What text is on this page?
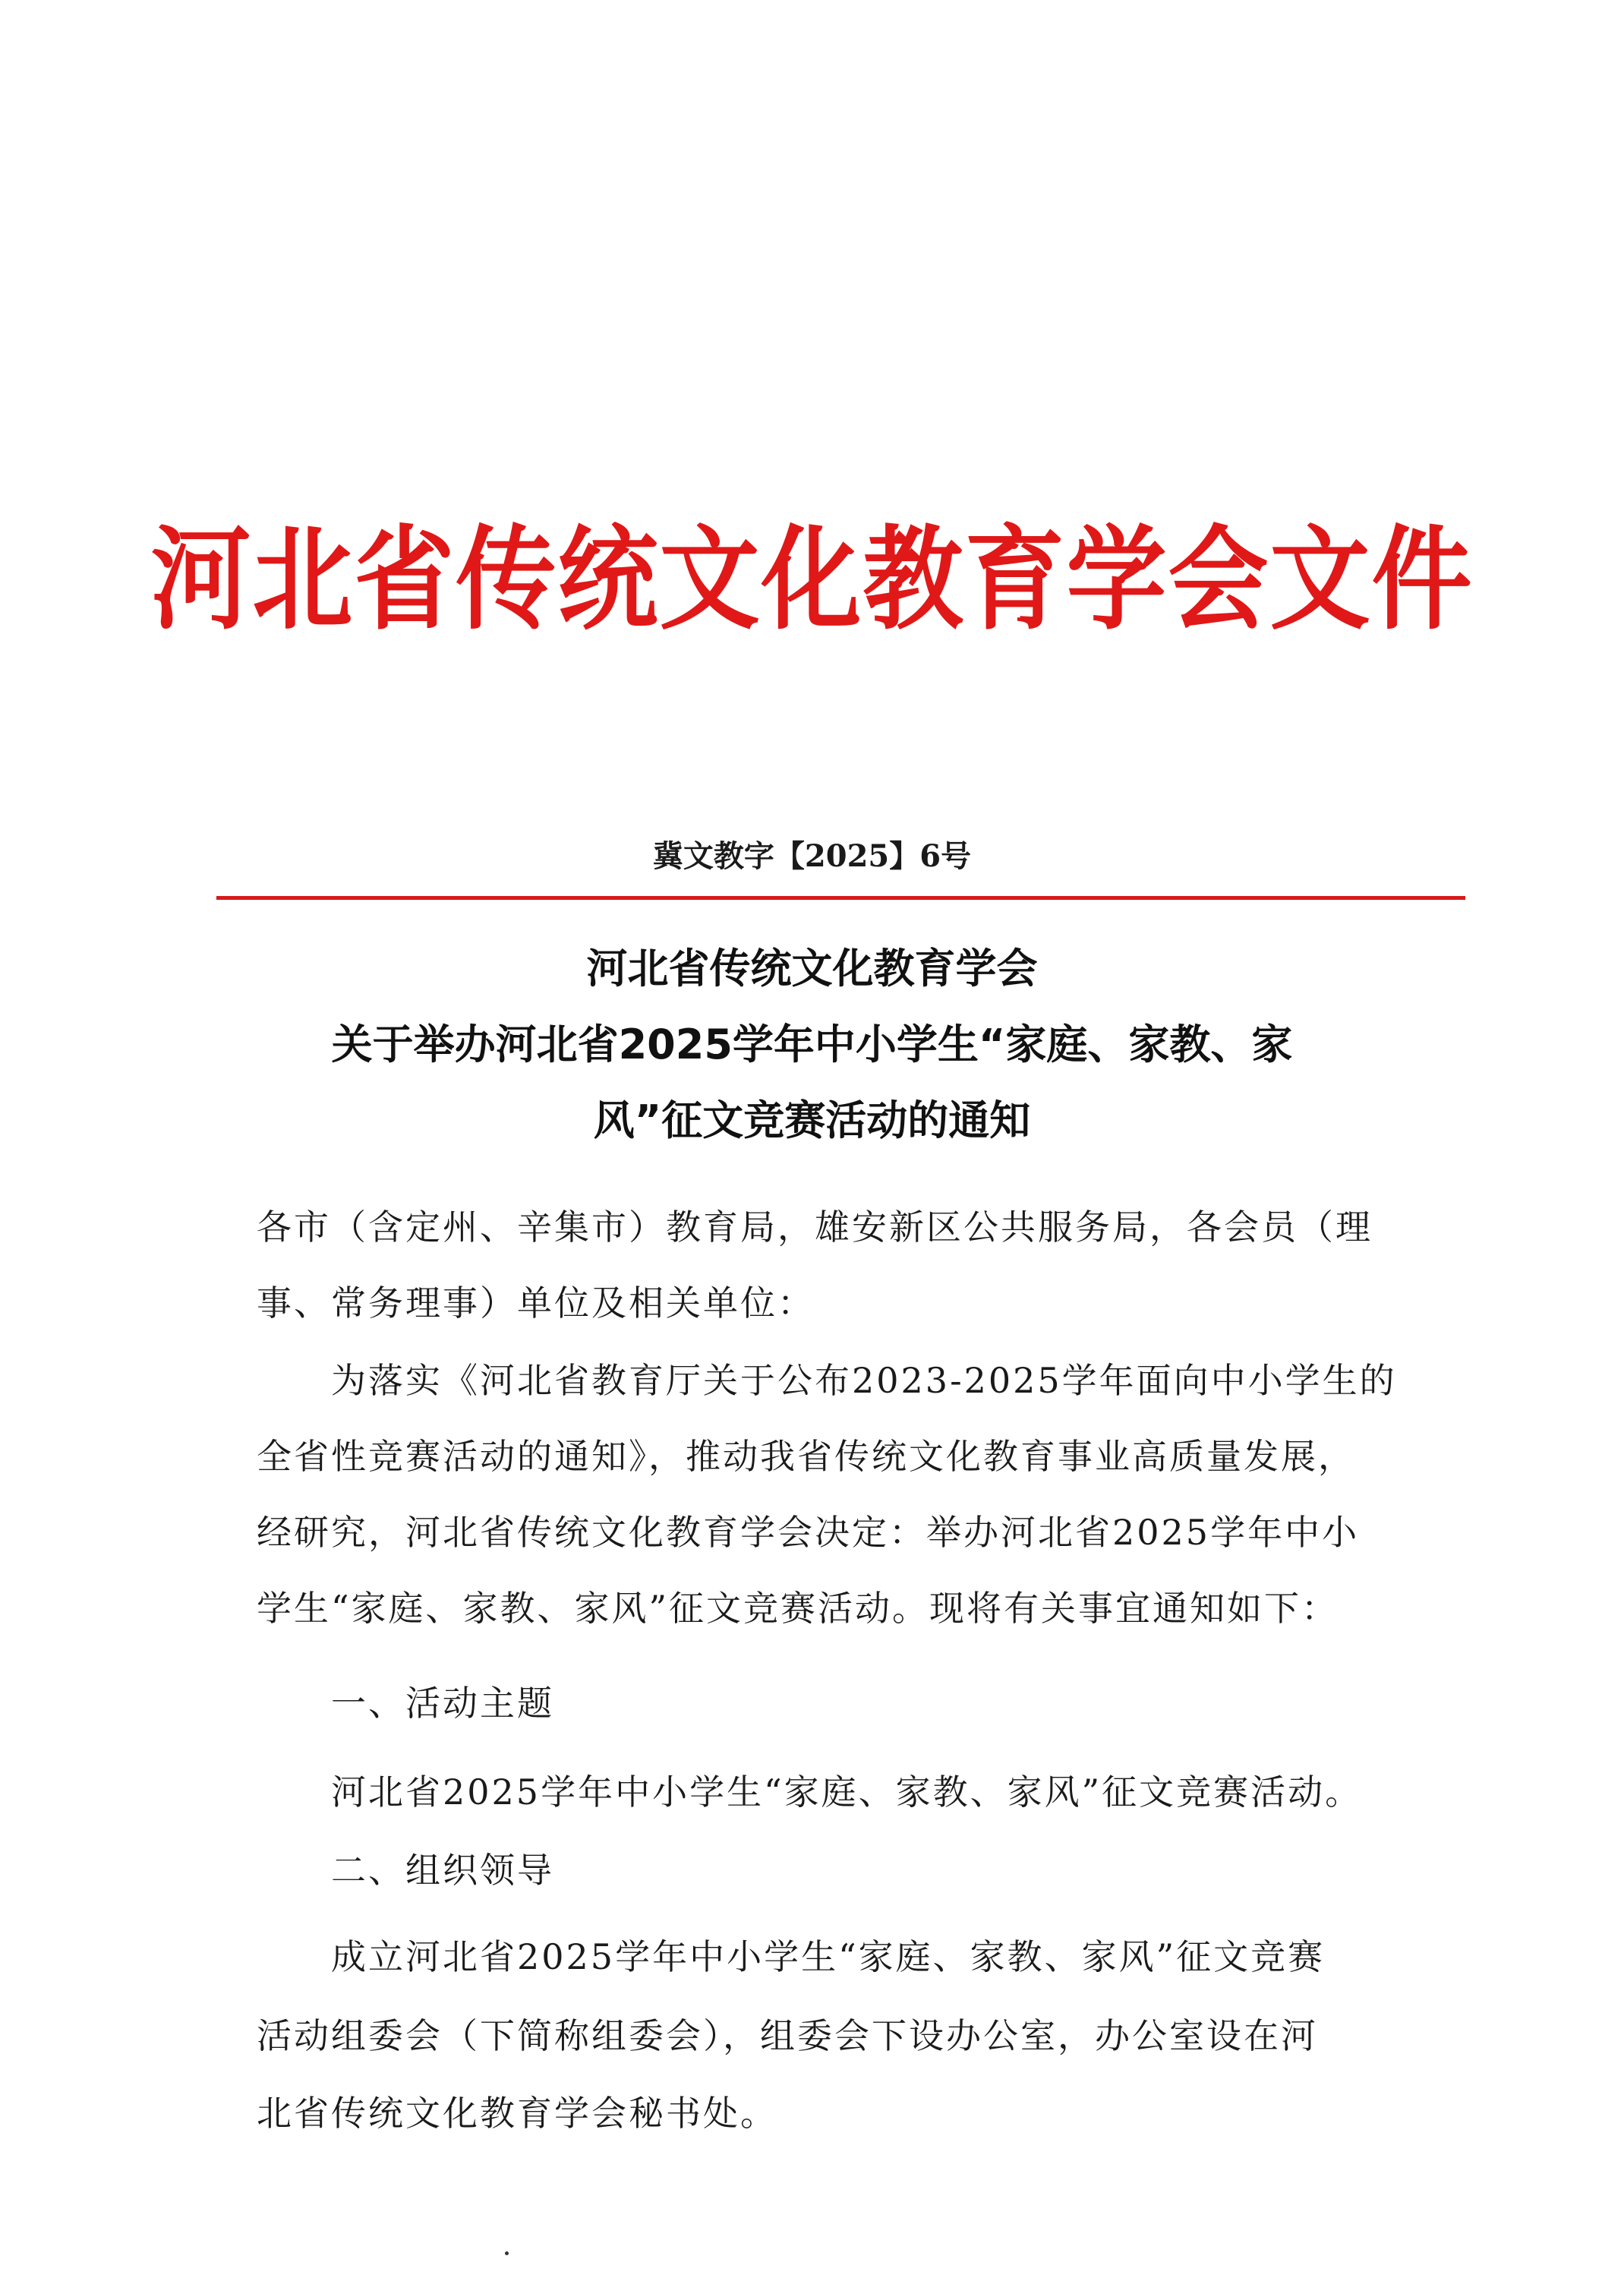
河北省传统文化教育学会文件
冀文教字【2025】6号
河北省传统文化教育学会
关于举办河北省2025学年中小学生“家庭、家教、家
风”征文竞赛活动的通知
各市（含定州、辛集市）教育局，雄安新区公共服务局，各会员（理
事、常务理事）单位及相关单位：
为落实《河北省教育厅关于公布2023-2025学年面向中小学生的
全省性竞赛活动的通知》，推动我省传统文化教育事业高质量发展，
经研究，河北省传统文化教育学会决定：举办河北省2025学年中小
学生“家庭、家教、家风”征文竞赛活动。现将有关事宜通知如下：
一、活动主题
河北省2025学年中小学生“家庭、家教、家风”征文竞赛活动。
二、组织领导
成立河北省2025学年中小学生“家庭、家教、家风”征文竞赛
活动组委会（下简称组委会），组委会下设办公室，办公室设在河
北省传统文化教育学会秘书处。
